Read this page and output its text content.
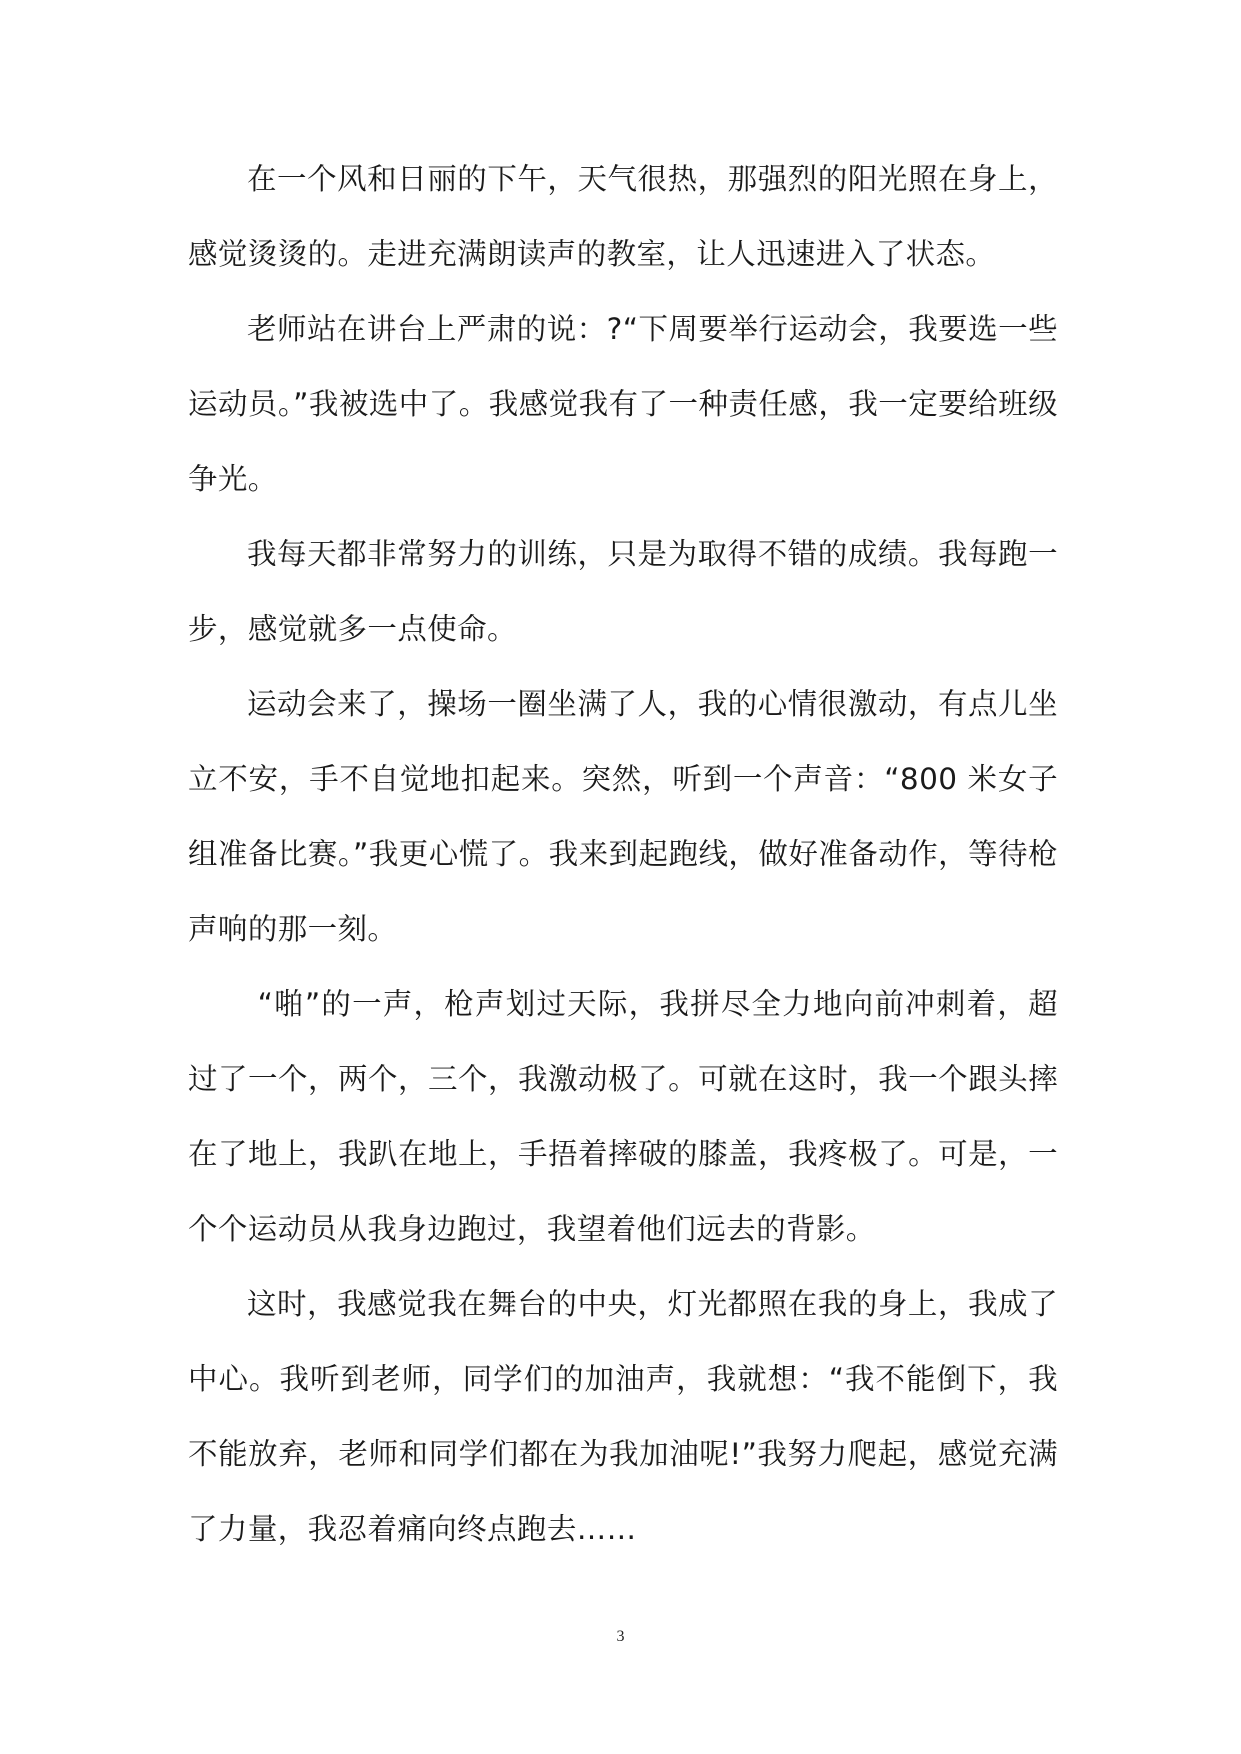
在一个风和日丽的下午，天气很热，那强烈的阳光照在身上，感觉烫烫的。走进充满朗读声的教室，让人迅速进入了状态。

老师站在讲台上严肃的说：?“下周要举行运动会，我要选一些运动员。”我被选中了。我感觉我有了一种责任感，我一定要给班级争光。

我每天都非常努力的训练，只是为取得不错的成绩。我每跑一步，感觉就多一点使命。

运动会来了，操场一圈坐满了人，我的心情很激动，有点儿坐立不安，手不自觉地扣起来。突然，听到一个声音：“800 米女子组准备比赛。”我更心慌了。我来到起跑线，做好准备动作，等待枪声响的那一刻。

“啪”的一声，枪声划过天际，我拼尽全力地向前冲刺着，超过了一个，两个，三个，我激动极了。可就在这时，我一个跟头摔在了地上，我趴在地上，手捂着摔破的膝盖，我疼极了。可是，一个个运动员从我身边跑过，我望着他们远去的背影。

这时，我感觉我在舞台的中央，灯光都照在我的身上，我成了中心。我听到老师，同学们的加油声，我就想：“我不能倒下，我不能放弃，老师和同学们都在为我加油呢!”我努力爬起，感觉充满了力量，我忍着痛向终点跑去……

3
